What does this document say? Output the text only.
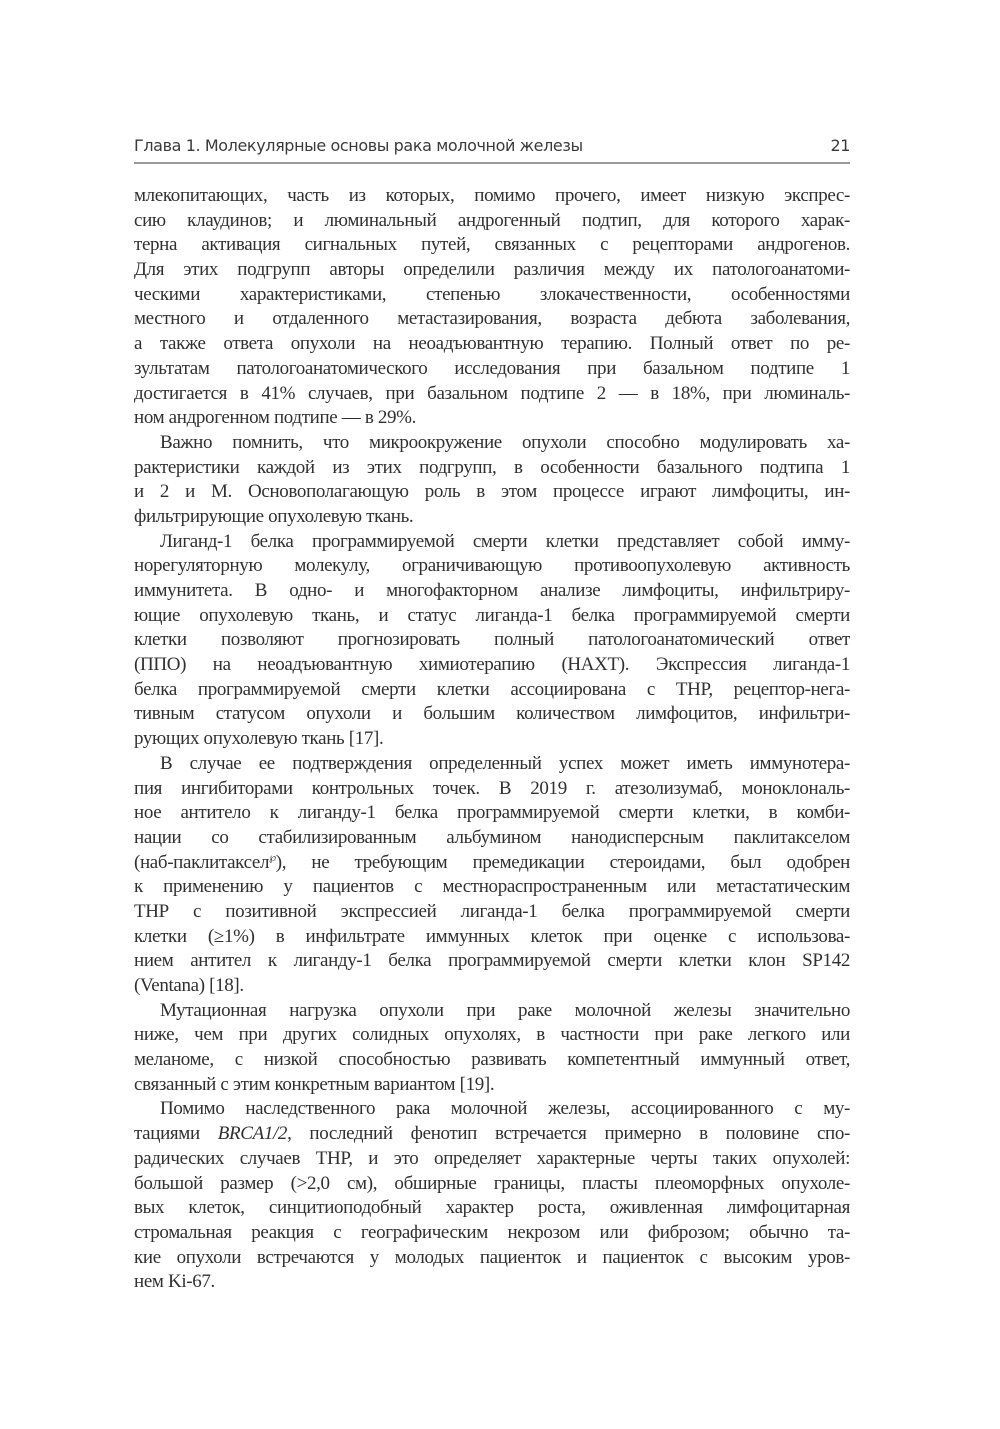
Глава 1. Молекулярные основы рака молочной железы	21
млекопитающих, часть из которых, помимо прочего, имеет низкую экспрес-
сию клаудинов; и люминальный андрогенный подтип, для которого харак-
терна активация сигнальных путей, связанных с рецепторами андрогенов.
Для этих подгрупп авторы определили различия между их патологоанатоми-
ческими характеристиками, степенью злокачественности, особенностями
местного и отдаленного метастазирования, возраста дебюта заболевания,
а также ответа опухоли на неоадъювантную терапию. Полный ответ по ре-
зультатам патологоанатомического исследования при базальном подтипе 1
достигается в 41% случаев, при базальном подтипе 2 — в 18%, при люминаль-
ном андрогенном подтипе — в 29%.
Важно помнить, что микроокружение опухоли способно модулировать ха-
рактеристики каждой из этих подгрупп, в особенности базального подтипа 1
и 2 и М. Основополагающую роль в этом процессе играют лимфоциты, ин-
фильтрирующие опухолевую ткань.
Лиганд-1 белка программируемой смерти клетки представляет собой имму-
норегуляторную молекулу, ограничивающую противоопухолевую активность
иммунитета. В одно- и многофакторном анализе лимфоциты, инфильтриру-
ющие опухолевую ткань, и статус лиганда-1 белка программируемой смерти
клетки позволяют прогнозировать полный патологоанатомический ответ
(ППО) на неоадъювантную химиотерапию (НАХТ). Экспрессия лиганда-1
белка программируемой смерти клетки ассоциирована с ТНР, рецептор-нега-
тивным статусом опухоли и большим количеством лимфоцитов, инфильтри-
рующих опухолевую ткань [17].
В случае ее подтверждения определенный успех может иметь иммунотера-
пия ингибиторами контрольных точек. В 2019 г. атезолизумаб, моноклональ-
ное антитело к лиганду-1 белка программируемой смерти клетки, в комби-
нации со стабилизированным альбумином нанодисперсным паклитакселом
(наб-паклитаксел℘), не требующим премедикации стероидами, был одобрен
к применению у пациентов с местнораспространенным или метастатическим
ТНР с позитивной экспрессией лиганда-1 белка программируемой смерти
клетки (≥1%) в инфильтрате иммунных клеток при оценке с использова-
нием антител к лиганду-1 белка программируемой смерти клетки клон SP142
(Ventana) [18].
Мутационная нагрузка опухоли при раке молочной железы значительно
ниже, чем при других солидных опухолях, в частности при раке легкого или
меланоме, с низкой способностью развивать компетентный иммунный ответ,
связанный с этим конкретным вариантом [19].
Помимо наследственного рака молочной железы, ассоциированного с му-
тациями BRCA1/2, последний фенотип встречается примерно в половине спо-
радических случаев ТНР, и это определяет характерные черты таких опухолей:
большой размер (>2,0 см), обширные границы, пласты плеоморфных опухоле-
вых клеток, синцитиоподобный характер роста, оживленная лимфоцитарная
стромальная реакция с географическим некрозом или фиброзом; обычно та-
кие опухоли встречаются у молодых пациенток и пациенток с высоким уров-
нем Ki-67.
